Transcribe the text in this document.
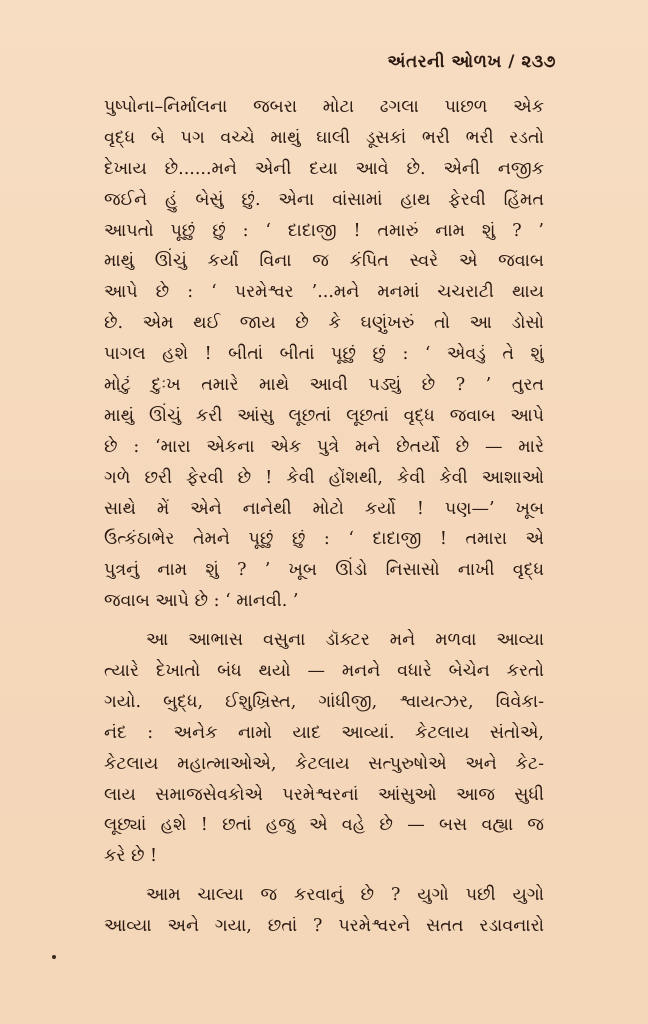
અંતરની ઓળખ / ૨૩૭
પુષ્પોના–નિર્માલના જબરા મોટા ઢગલા પાછળ એક
વૃદ્ધ બે પગ વચ્ચે માથું ઘાલી ડૂસકાં ભરી ભરી રડતો
દેખાય છે......મને એની દયા આવે છે. એની નજીક
જઈને હું બેસું છું. એના વાંસામાં હાથ ફેરવી હિંમત
આપતો પૂછું છું : ‘ દાદાજી ! તમારું નામ શું ? ’
માથું ઊંચું કર્યા વિના જ કંપિત સ્વરે એ જવાબ
આપે છે : ‘ પરમેશ્વર ’...મને મનમાં ચચરાટી થાય
છે. એમ થઈ જાય છે કે ઘણુંખરું તો આ ડોસો
પાગલ હશે ! બીતાં બીતાં પૂછું છું : ‘ એવડું તે શું
મોટું દુઃખ તમારે માથે આવી પડ્યું છે ? ’ તુરત
માથું ઊંચું કરી આંસુ લૂછતાં લૂછતાં વૃદ્ધ જવાબ આપે
છે : ‘મારા એકના એક પુત્રે મને છેતર્યો છે — મારે
ગળે છરી ફેરવી છે ! કેવી હોંશથી, કેવી કેવી આશાઓ
સાથે મેં એને નાનેથી મોટો કર્યો ! પણ—’ ખૂબ
ઉત્કંઠાભેર તેમને પૂછું છું : ‘ દાદાજી ! તમારા એ
પુત્રનું નામ શું ? ’ ખૂબ ઊંડો નિસાસો નાખી વૃદ્ધ
જવાબ આપે છે : ‘ માનવી. ’
આ આભાસ વસુના ડૉક્ટર મને મળવા આવ્યા
ત્યારે દેખાતો બંધ થયો — મનને વધારે બેચેન કરતો
ગયો. બુદ્ધ, ઈશુખ્રિસ્ત, ગાંધીજી, શ્વાયત્ઝર, વિવેકા-
નંદ : અનેક નામો યાદ આવ્યાં. કેટલાય સંતોએ,
કેટલાય મહાત્માઓએ, કેટલાય સત્પુરુષોએ અને કેટ-
લાય સમાજસેવકોએ પરમેશ્વરનાં આંસુઓ આજ સુધી
લૂછ્યાં હશે ! છતાં હજુ એ વહે છે — બસ વહ્યા જ
કરે છે !
આમ ચાલ્યા જ કરવાનું છે ? યુગો પછી યુગો
આવ્યા અને ગયા, છતાં ? પરમેશ્વરને સતત રડાવનારો
